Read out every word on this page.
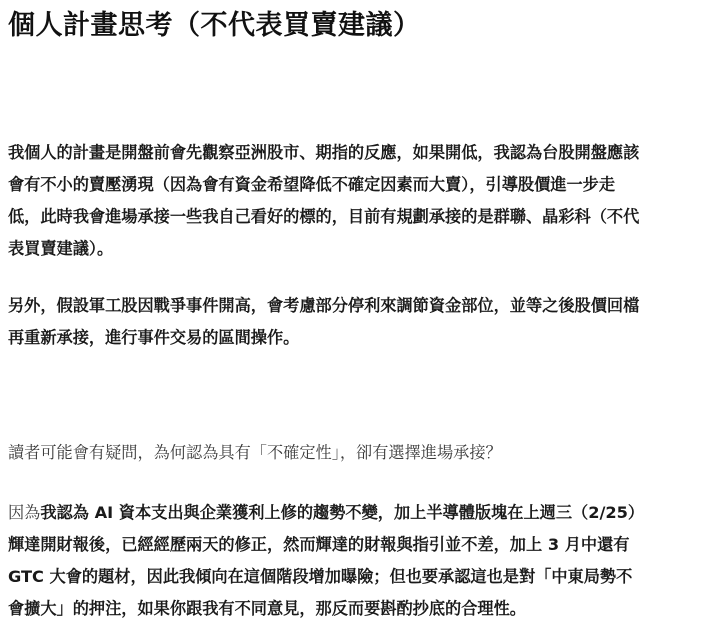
個人計畫思考（不代表買賣建議）

我個人的計畫是開盤前會先觀察亞洲股市、期指的反應，如果開低，我認為台股開盤應該
會有不小的賣壓湧現（因為會有資金希望降低不確定因素而大賣），引導股價進一步走
低，此時我會進場承接一些我自己看好的標的，目前有規劃承接的是群聯、晶彩科（不代
表買賣建議）。

另外，假設軍工股因戰爭事件開高，會考慮部分停利來調節資金部位，並等之後股價回檔
再重新承接，進行事件交易的區間操作。

讀者可能會有疑問，為何認為具有「不確定性」，卻有選擇進場承接？

因為我認為 AI 資本支出與企業獲利上修的趨勢不變，加上半導體版塊在上週三（2/25）
輝達開財報後，已經經歷兩天的修正，然而輝達的財報與指引並不差，加上 3 月中還有
GTC 大會的題材，因此我傾向在這個階段增加曝險；但也要承認這也是對「中東局勢不
會擴大」的押注，如果你跟我有不同意見，那反而要斟酌抄底的合理性。
